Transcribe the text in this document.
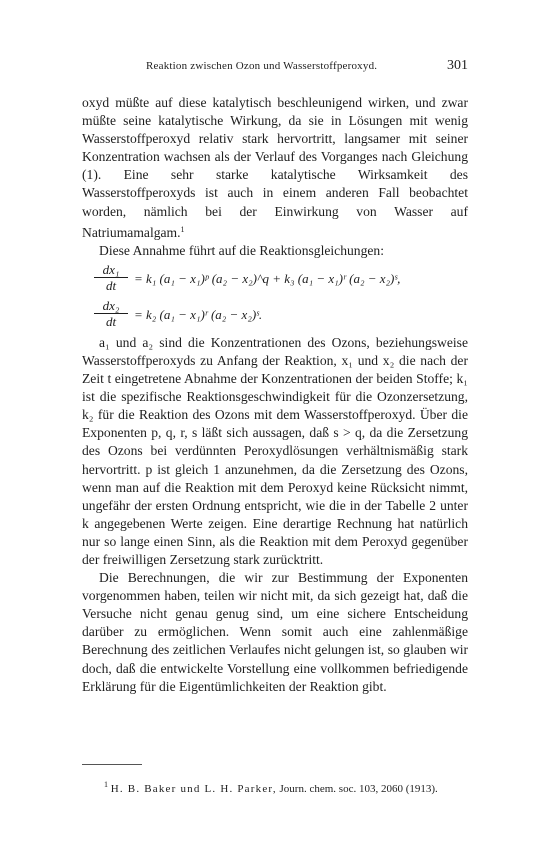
Reaktion zwischen Ozon und Wasserstoffperoxyd.	301

oxyd müßte auf diese katalytisch beschleunigend wirken, und zwar müßte seine katalytische Wirkung, da sie in Lösungen mit wenig Wasserstoffperoxyd relativ stark hervortritt, langsamer mit seiner Konzentration wachsen als der Verlauf des Vorganges nach Gleichung (1). Eine sehr starke katalytische Wirksamkeit des Wasserstoffperoxyds ist auch in einem anderen Fall beobachtet worden, nämlich bei der Einwirkung von Wasser auf Natriumamalgam.$^1$

Diese Annahme führt auf die Reaktionsgleichungen:

$\frac{\text{dx₁}}{dt} = k_1$ (a₁ − x₁)ᵖ (a₂ − x₂)^q + k₃ (a₁ − x₁)ʳ (a₂ − x₂)ˢ,
$\frac{\text{dx₂}}{dt} = k_2$ (a₁ − x₁)ʳ (a₂ − x₂)ˢ.

a₁ und a₂ sind die Konzentrationen des Ozons, beziehungsweise Wasserstoffperoxyds zu Anfang der Reaktion, x₁ und x₂ die nach der Zeit t eingetretene Abnahme der Konzentrationen der beiden Stoffe; k₁ ist die spezifische Reaktionsgeschwindigkeit für die Ozonzersetzung, k₂ für die Reaktion des Ozons mit dem Wasserstoffperoxyd. Über die Exponenten p, q, r, s läßt sich aussagen, daß s > q, da die Zersetzung des Ozons bei verdünnten Peroxydlösungen verhältnismäßig stark hervortritt. p ist gleich 1 anzunehmen, da die Zersetzung des Ozons, wenn man auf die Reaktion mit dem Peroxyd keine Rücksicht nimmt, ungefähr der ersten Ordnung entspricht, wie die in der Tabelle 2 unter k angegebenen Werte zeigen. Eine derartige Rechnung hat natürlich nur so lange einen Sinn, als die Reaktion mit dem Peroxyd gegenüber der freiwilligen Zersetzung stark zurücktritt.

Die Berechnungen, die wir zur Bestimmung der Exponenten vorgenommen haben, teilen wir nicht mit, da sich gezeigt hat, daß die Versuche nicht genau genug sind, um eine sichere Entscheidung darüber zu ermöglichen. Wenn somit auch eine zahlenmäßige Berechnung des zeitlichen Verlaufes nicht gelungen ist, so glauben wir doch, daß die entwickelte Vorstellung eine vollkommen befriedigende Erklärung für die Eigentümlichkeiten der Reaktion gibt.

$^1$ H. B. Baker und L. H. Parker, Journ. chem. soc. 103, 2060 (1913).
